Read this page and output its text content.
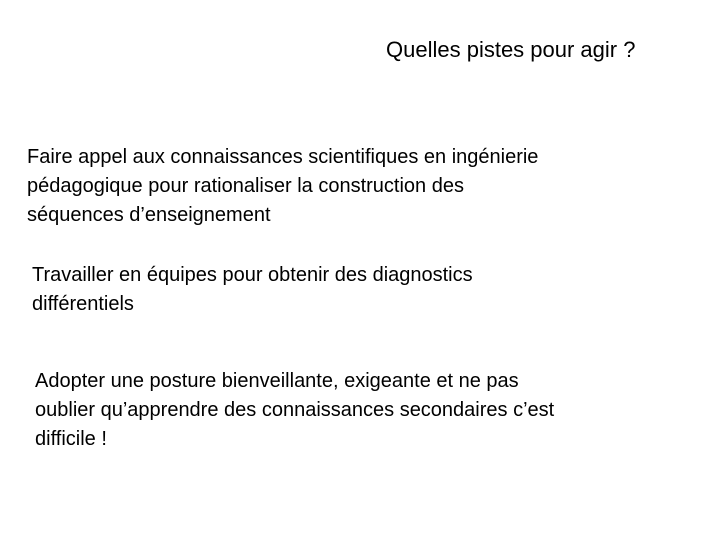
Quelles pistes pour agir ?

Faire appel aux connaissances scientifiques en ingénierie
pédagogique pour rationaliser la construction des
séquences d’enseignement

Travailler en équipes pour obtenir des diagnostics
différentiels

Adopter une posture bienveillante, exigeante et ne pas
oublier qu’apprendre des connaissances secondaires c’est
difficile !
